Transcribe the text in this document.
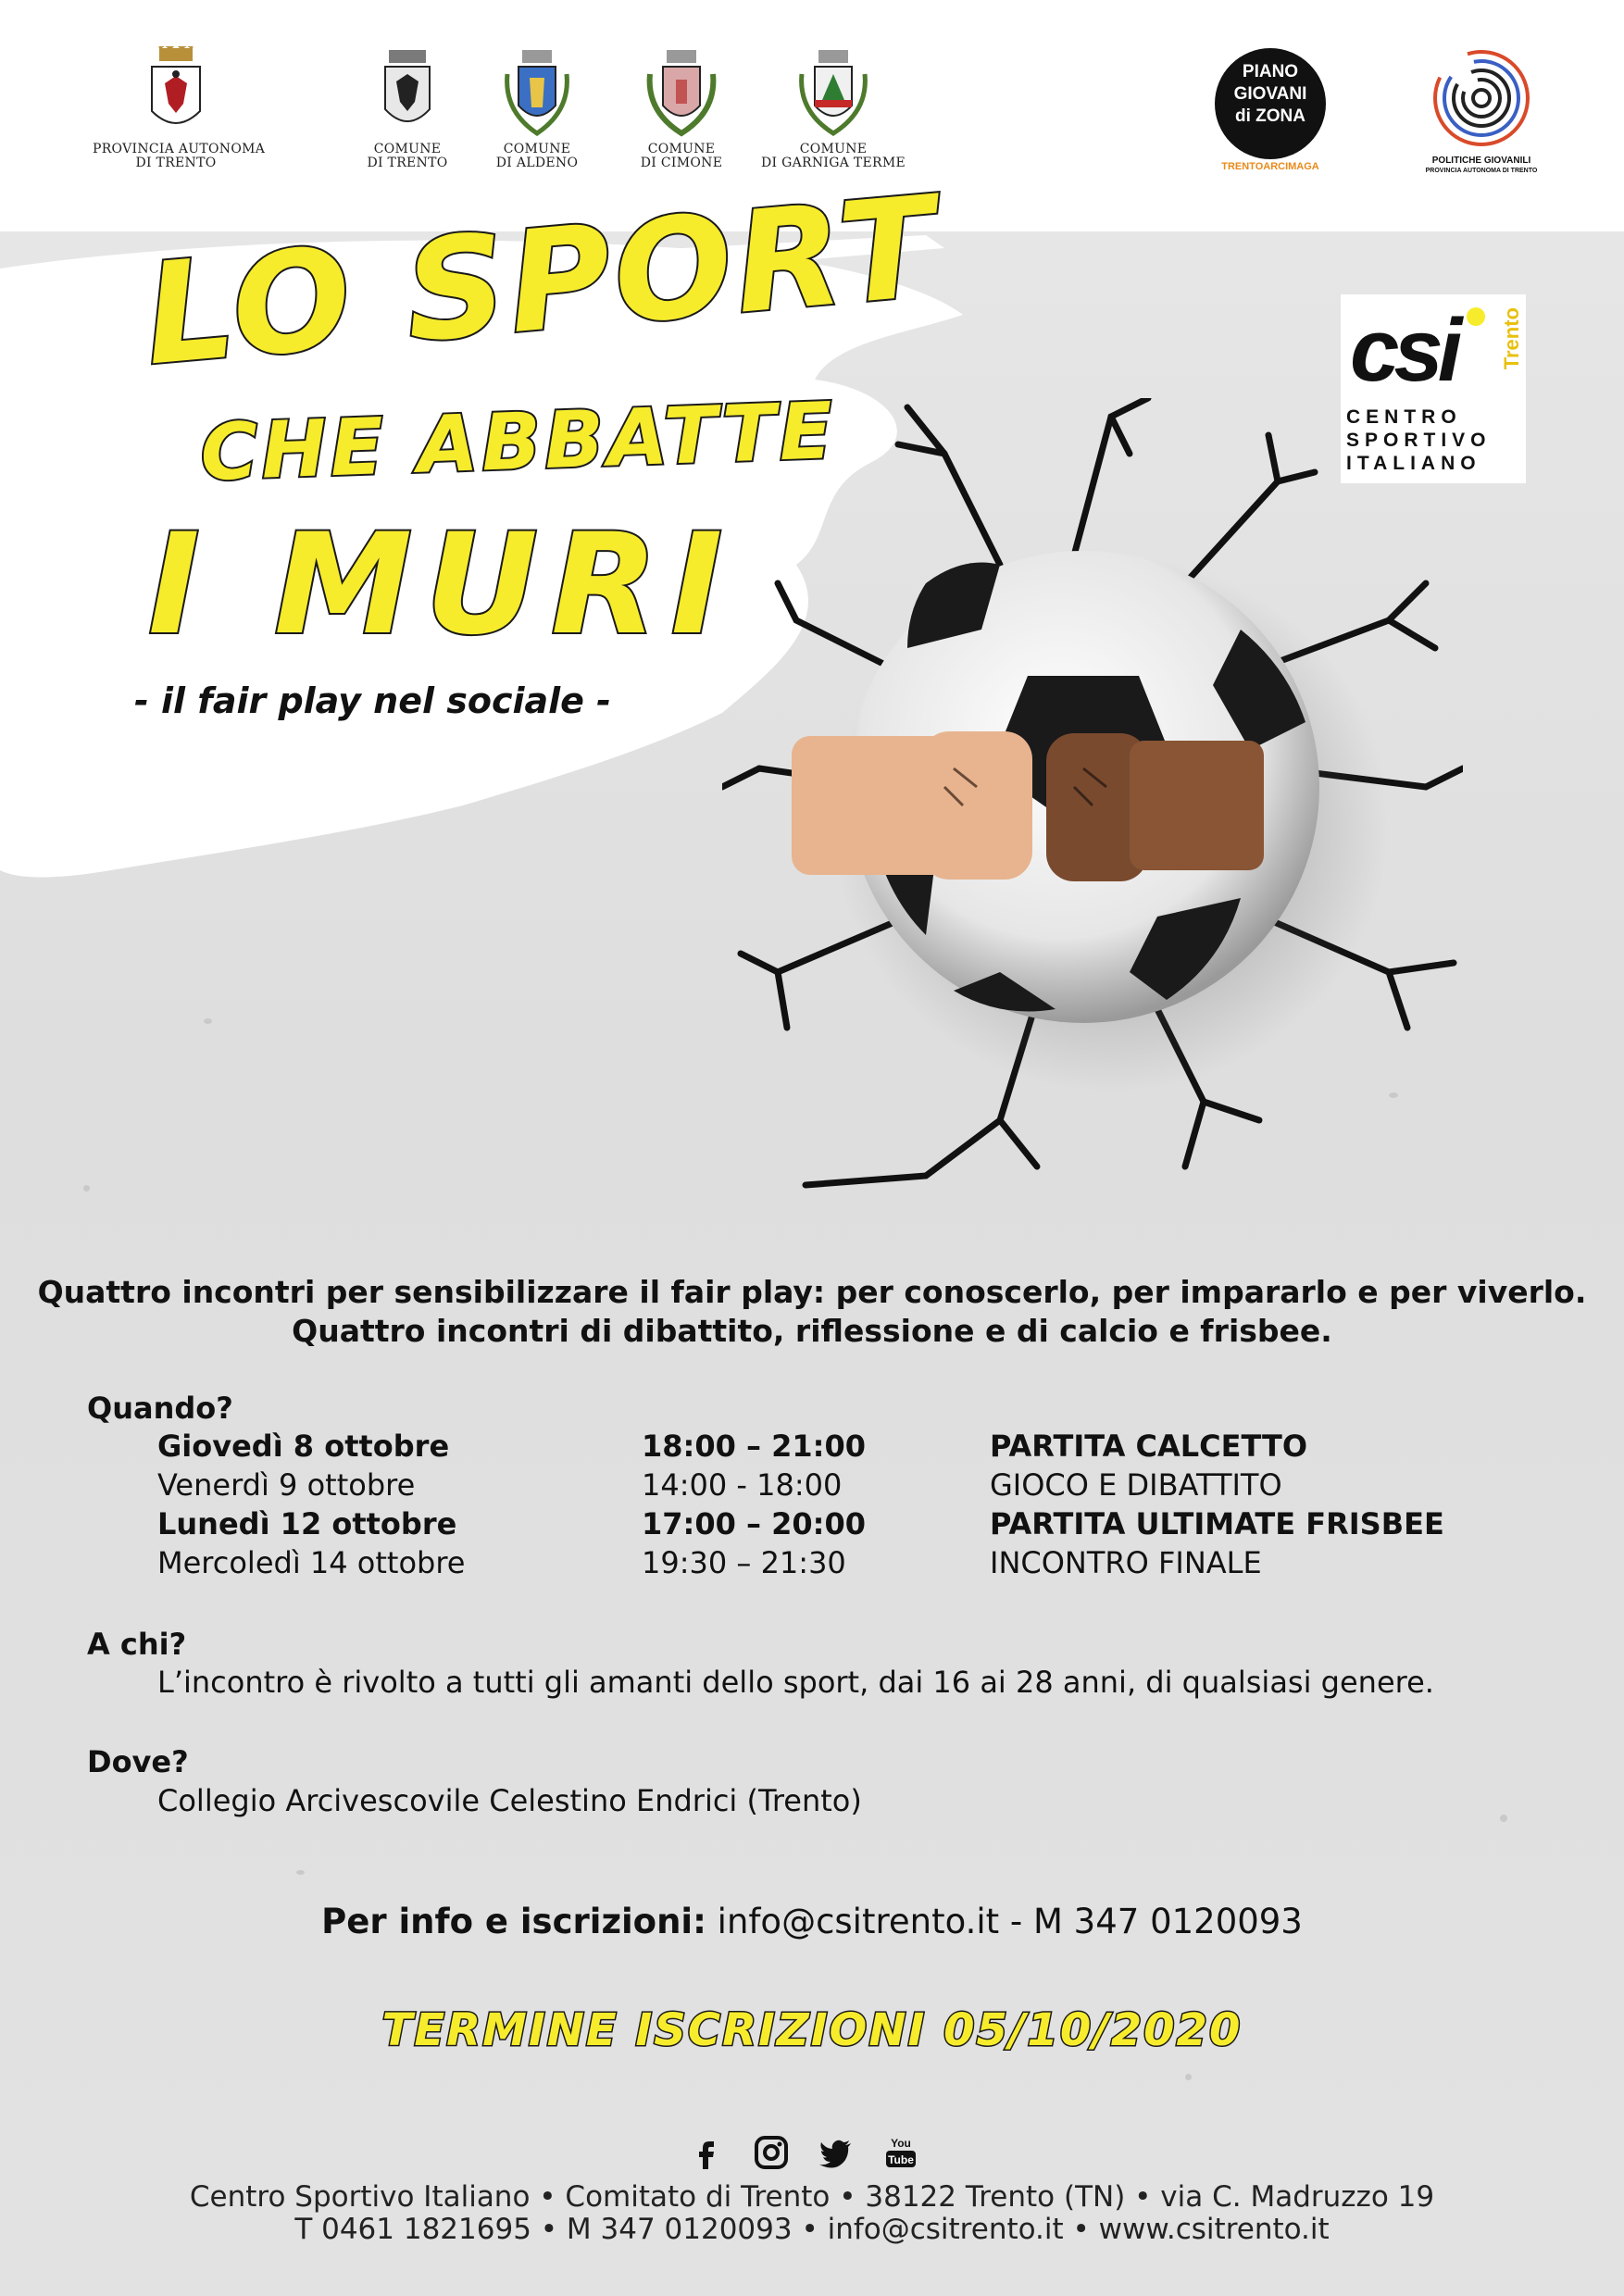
PROVINCIA AUTONOMA
DI TRENTO
COMUNE
DI TRENTO
COMUNE
DI ALDENO
COMUNE
DI CIMONE
COMUNE
DI GARNIGA TERME
PIANO
GIOVANI
di ZONA
TRENTOARCIMAGA
POLITICHE GIOVANILI
PROVINCIA AUTONOMA DI TRENTO
LO SPORT
CHE ABBATTE
I MURI
- il fair play nel sociale -
csi Trento
CENTRO
SPORTIVO
ITALIANO
Quattro incontri per sensibilizzare il fair play: per conoscerlo, per impararlo e per viverlo.
Quattro incontri di dibattito, riflessione e di calcio e frisbee.
Quando?
Giovedì 8 ottobre	18:00 – 21:00	PARTITA CALCETTO
Venerdì 9 ottobre	14:00 - 18:00	GIOCO E DIBATTITO
Lunedì 12 ottobre	17:00 – 20:00	PARTITA ULTIMATE FRISBEE
Mercoledì 14 ottobre	19:30 – 21:30	INCONTRO FINALE
A chi?
L’incontro è rivolto a tutti gli amanti dello sport, dai 16 ai 28 anni, di qualsiasi genere.
Dove?
Collegio Arcivescovile Celestino Endrici (Trento)
Per info e iscrizioni: info@csitrento.it - M 347 0120093
TERMINE ISCRIZIONI 05/10/2020
You
Tube
Centro Sportivo Italiano • Comitato di Trento • 38122 Trento (TN) • via C. Madruzzo 19
T 0461 1821695 • M 347 0120093 • info@csitrento.it • www.csitrento.it
